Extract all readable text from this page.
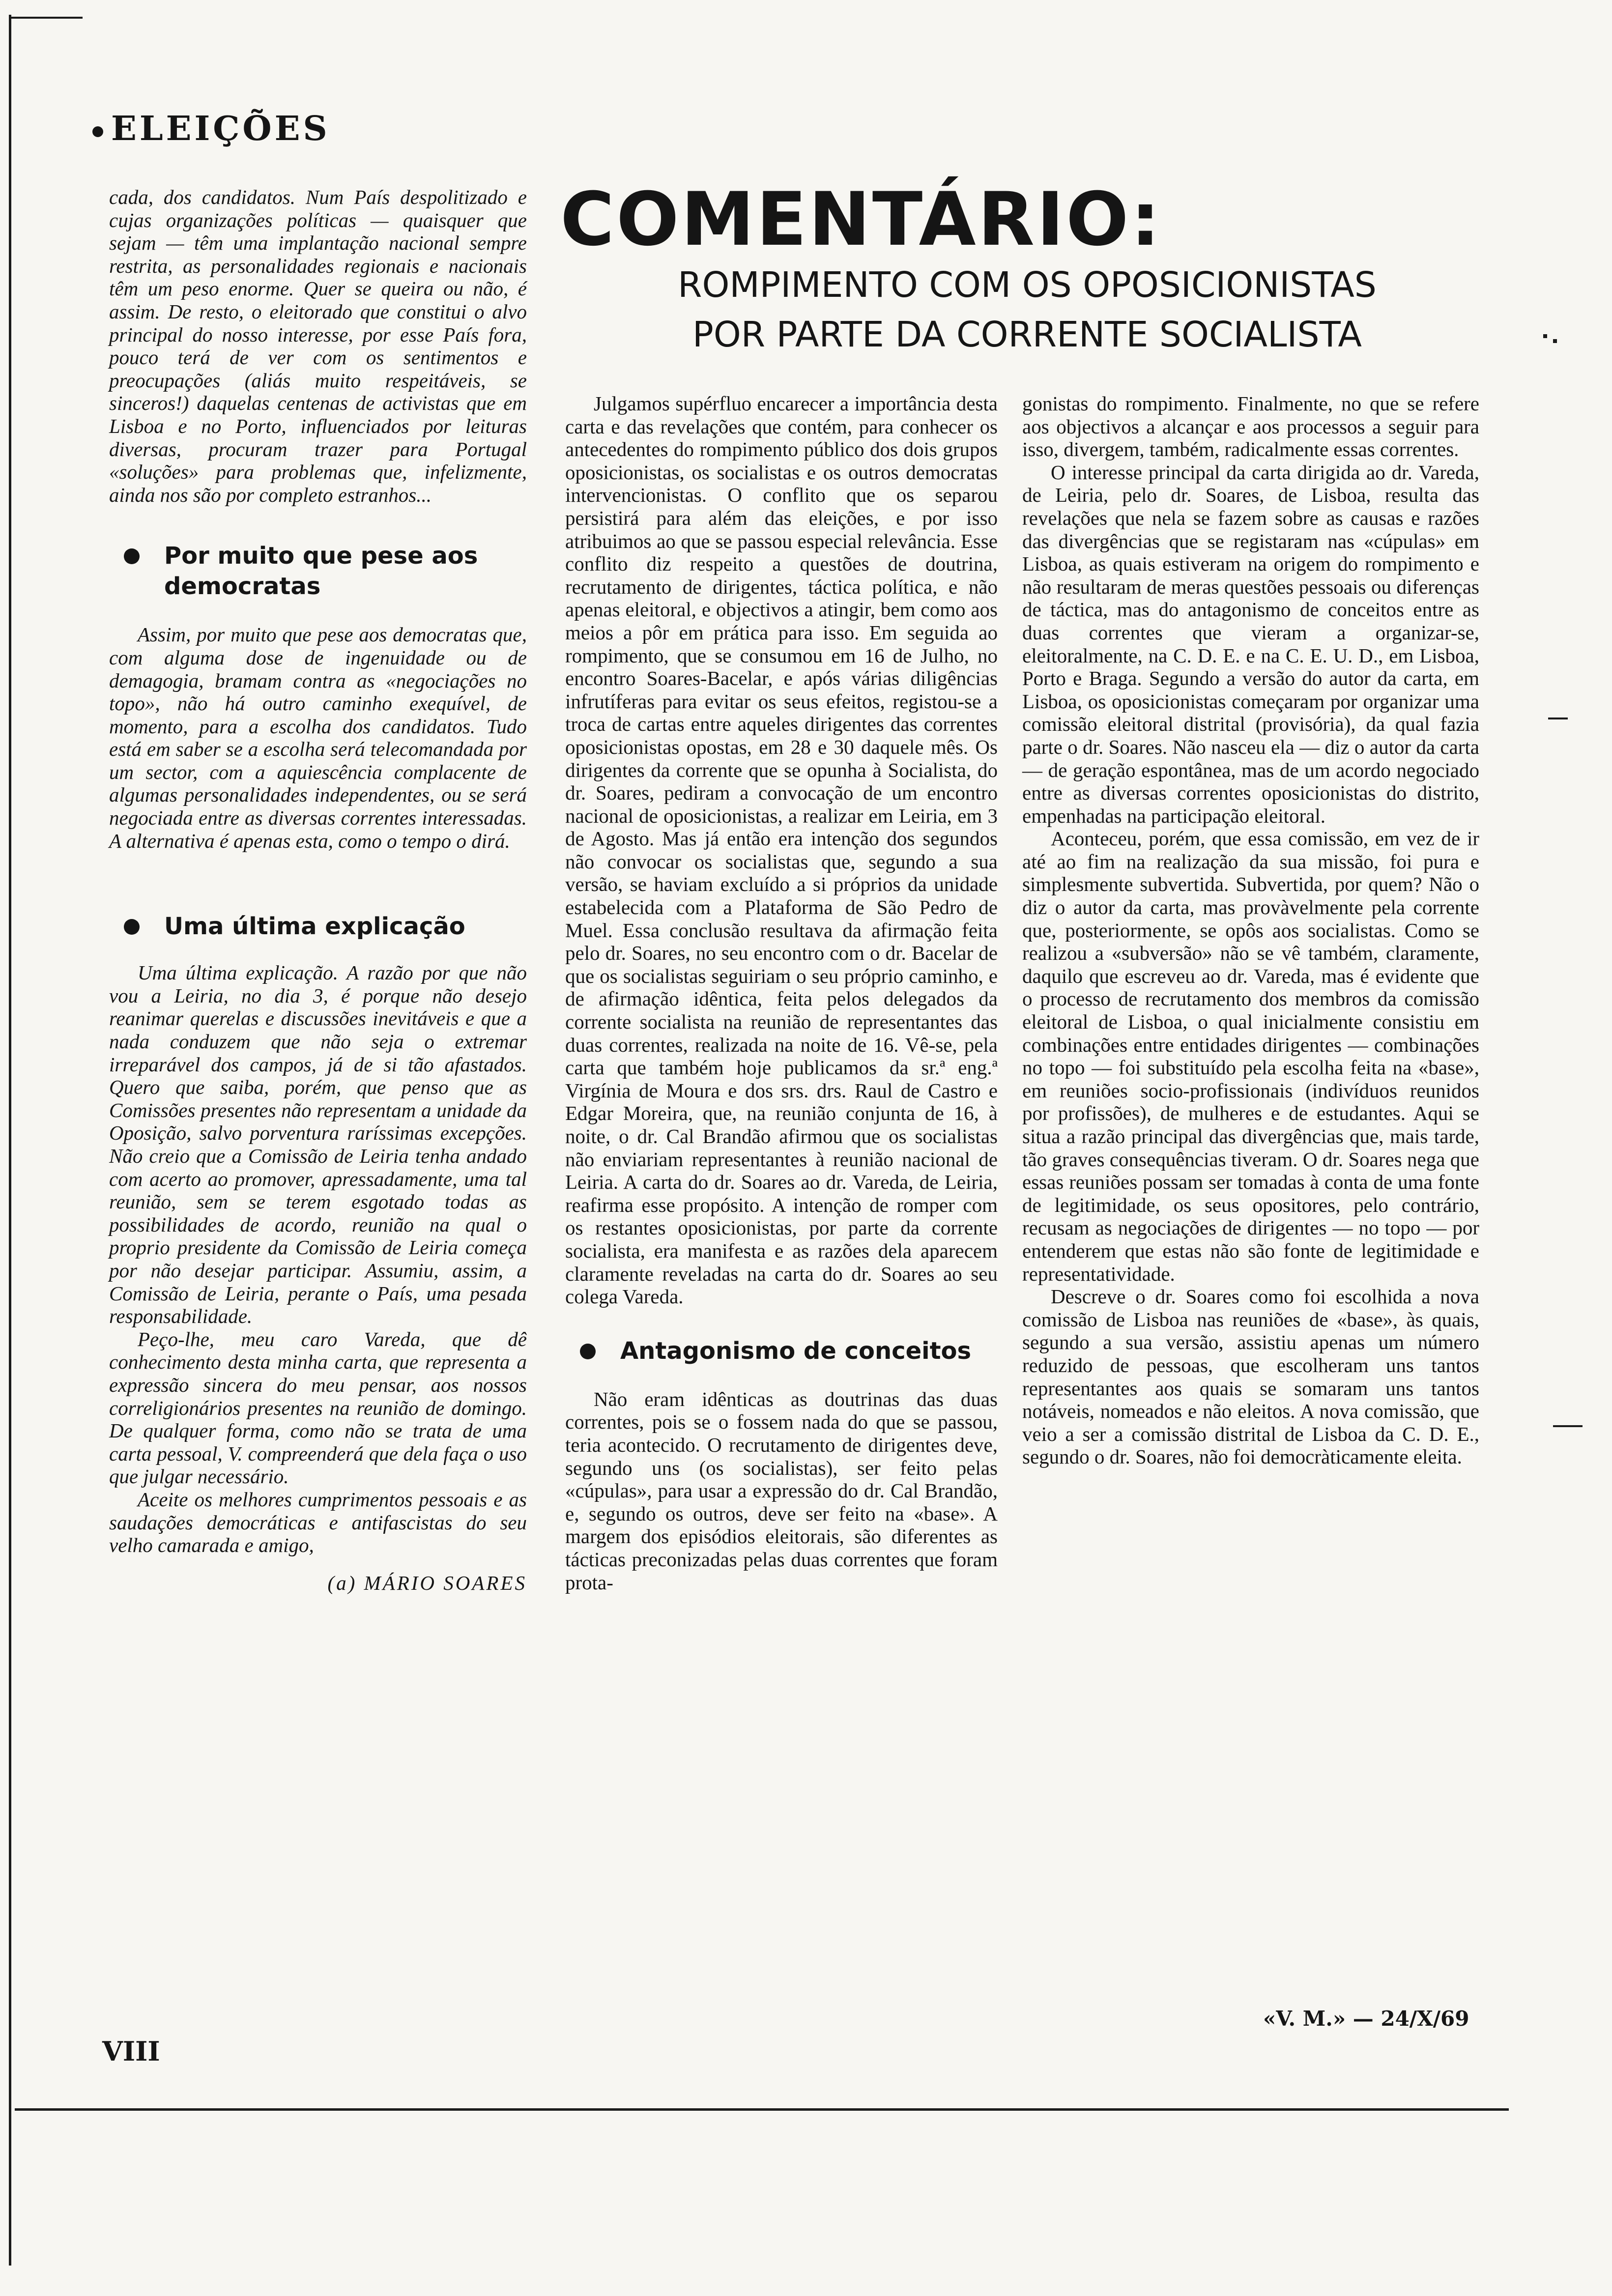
ELEIÇÕES
COMENTÁRIO:
ROMPIMENTO COM OS OPOSICIONISTAS
POR PARTE DA CORRENTE SOCIALISTA

cada, dos candidatos. Num País despolitizado e cujas organizações políticas — quaisquer que sejam — têm uma implantação nacional sempre restrita, as personalidades regionais e nacionais têm um peso enorme. Quer se queira ou não, é assim. De resto, o eleitorado que constitui o alvo principal do nosso interesse, por esse País fora, pouco terá de ver com os sentimentos e preocupações (aliás muito respeitáveis, se sinceros!) daquelas centenas de activistas que em Lisboa e no Porto, influenciados por leituras diversas, procuram trazer para Portugal «soluções» para problemas que, infelizmente, ainda nos são por completo estranhos...

Por muito que pese aos democratas

Assim, por muito que pese aos democratas que, com alguma dose de ingenuidade ou de demagogia, bramam contra as «negociações no topo», não há outro caminho exequível, de momento, para a escolha dos candidatos. Tudo está em saber se a escolha será telecomandada por um sector, com a aquiescência complacente de algumas personalidades independentes, ou se será negociada entre as diversas correntes interessadas. A alternativa é apenas esta, como o tempo o dirá.

Uma última explicação

Uma última explicação. A razão por que não vou a Leiria, no dia 3, é porque não desejo reanimar querelas e discussões inevitáveis e que a nada conduzem que não seja o extremar irreparável dos campos, já de si tão afastados. Quero que saiba, porém, que penso que as Comissões presentes não representam a unidade da Oposição, salvo porventura raríssimas excepções. Não creio que a Comissão de Leiria tenha andado com acerto ao promover, apressadamente, uma tal reunião, sem se terem esgotado todas as possibilidades de acordo, reunião na qual o proprio presidente da Comissão de Leiria começa por não desejar participar. Assumiu, assim, a Comissão de Leiria, perante o País, uma pesada responsabilidade.

Peço-lhe, meu caro Vareda, que dê conhecimento desta minha carta, que representa a expressão sincera do meu pensar, aos nossos correligionários presentes na reunião de domingo. De qualquer forma, como não se trata de uma carta pessoal, V. compreenderá que dela faça o uso que julgar necessário.

Aceite os melhores cumprimentos pessoais e as saudações democráticas e antifascistas do seu velho camarada e amigo,

(a) MÁRIO SOARES

Julgamos supérfluo encarecer a importância desta carta e das revelações que contém, para conhecer os antecedentes do rompimento público dos dois grupos oposicionistas, os socialistas e os outros democratas intervencionistas. O conflito que os separou persistirá para além das eleições, e por isso atribuimos ao que se passou especial relevância. Esse conflito diz respeito a questões de doutrina, recrutamento de dirigentes, táctica política, e não apenas eleitoral, e objectivos a atingir, bem como aos meios a pôr em prática para isso. Em seguida ao rompimento, que se consumou em 16 de Julho, no encontro Soares-Bacelar, e após várias diligências infrutíferas para evitar os seus efeitos, registou-se a troca de cartas entre aqueles dirigentes das correntes oposicionistas opostas, em 28 e 30 daquele mês. Os dirigentes da corrente que se opunha à Socialista, do dr. Soares, pediram a convocação de um encontro nacional de oposicionistas, a realizar em Leiria, em 3 de Agosto. Mas já então era intenção dos segundos não convocar os socialistas que, segundo a sua versão, se haviam excluído a si próprios da unidade estabelecida com a Plataforma de São Pedro de Muel. Essa conclusão resultava da afirmação feita pelo dr. Soares, no seu encontro com o dr. Bacelar de que os socialistas seguiriam o seu próprio caminho, e de afirmação idêntica, feita pelos delegados da corrente socialista na reunião de representantes das duas correntes, realizada na noite de 16. Vê-se, pela carta que também hoje publicamos da sr.ª eng.ª Virgínia de Moura e dos srs. drs. Raul de Castro e Edgar Moreira, que, na reunião conjunta de 16, à noite, o dr. Cal Brandão afirmou que os socialistas não enviariam representantes à reunião nacional de Leiria. A carta do dr. Soares ao dr. Vareda, de Leiria, reafirma esse propósito. A intenção de romper com os restantes oposicionistas, por parte da corrente socialista, era manifesta e as razões dela aparecem claramente reveladas na carta do dr. Soares ao seu colega Vareda.

Antagonismo de conceitos

Não eram idênticas as doutrinas das duas correntes, pois se o fossem nada do que se passou, teria acontecido. O recrutamento de dirigentes deve, segundo uns (os socialistas), ser feito pelas «cúpulas», para usar a expressão do dr. Cal Brandão, e, segundo os outros, deve ser feito na «base». A margem dos episódios eleitorais, são diferentes as tácticas preconizadas pelas duas correntes que foram prota-

gonistas do rompimento. Finalmente, no que se refere aos objectivos a alcançar e aos processos a seguir para isso, divergem, também, radicalmente essas correntes.

O interesse principal da carta dirigida ao dr. Vareda, de Leiria, pelo dr. Soares, de Lisboa, resulta das revelações que nela se fazem sobre as causas e razões das divergências que se registaram nas «cúpulas» em Lisboa, as quais estiveram na origem do rompimento e não resultaram de meras questões pessoais ou diferenças de táctica, mas do antagonismo de conceitos entre as duas correntes que vieram a organizar-se, eleitoralmente, na C. D. E. e na C. E. U. D., em Lisboa, Porto e Braga. Segundo a versão do autor da carta, em Lisboa, os oposicionistas começaram por organizar uma comissão eleitoral distrital (provisória), da qual fazia parte o dr. Soares. Não nasceu ela — diz o autor da carta — de geração espontânea, mas de um acordo negociado entre as diversas correntes oposicionistas do distrito, empenhadas na participação eleitoral.

Aconteceu, porém, que essa comissão, em vez de ir até ao fim na realização da sua missão, foi pura e simplesmente subvertida. Subvertida, por quem? Não o diz o autor da carta, mas provàvelmente pela corrente que, posteriormente, se opôs aos socialistas. Como se realizou a «subversão» não se vê também, claramente, daquilo que escreveu ao dr. Vareda, mas é evidente que o processo de recrutamento dos membros da comissão eleitoral de Lisboa, o qual inicialmente consistiu em combinações entre entidades dirigentes — combinações no topo — foi substituído pela escolha feita na «base», em reuniões socio-profissionais (indivíduos reunidos por profissões), de mulheres e de estudantes. Aqui se situa a razão principal das divergências que, mais tarde, tão graves consequências tiveram. O dr. Soares nega que essas reuniões possam ser tomadas à conta de uma fonte de legitimidade, os seus opositores, pelo contrário, recusam as negociações de dirigentes — no topo — por entenderem que estas não são fonte de legitimidade e representatividade.

Descreve o dr. Soares como foi escolhida a nova comissão de Lisboa nas reuniões de «base», às quais, segundo a sua versão, assistiu apenas um número reduzido de pessoas, que escolheram uns tantos representantes aos quais se somaram uns tantos notáveis, nomeados e não eleitos. A nova comissão, que veio a ser a comissão distrital de Lisboa da C. D. E., segundo o dr. Soares, não foi democràticamente eleita.

«V. M.» — 24/X/69
VIII
